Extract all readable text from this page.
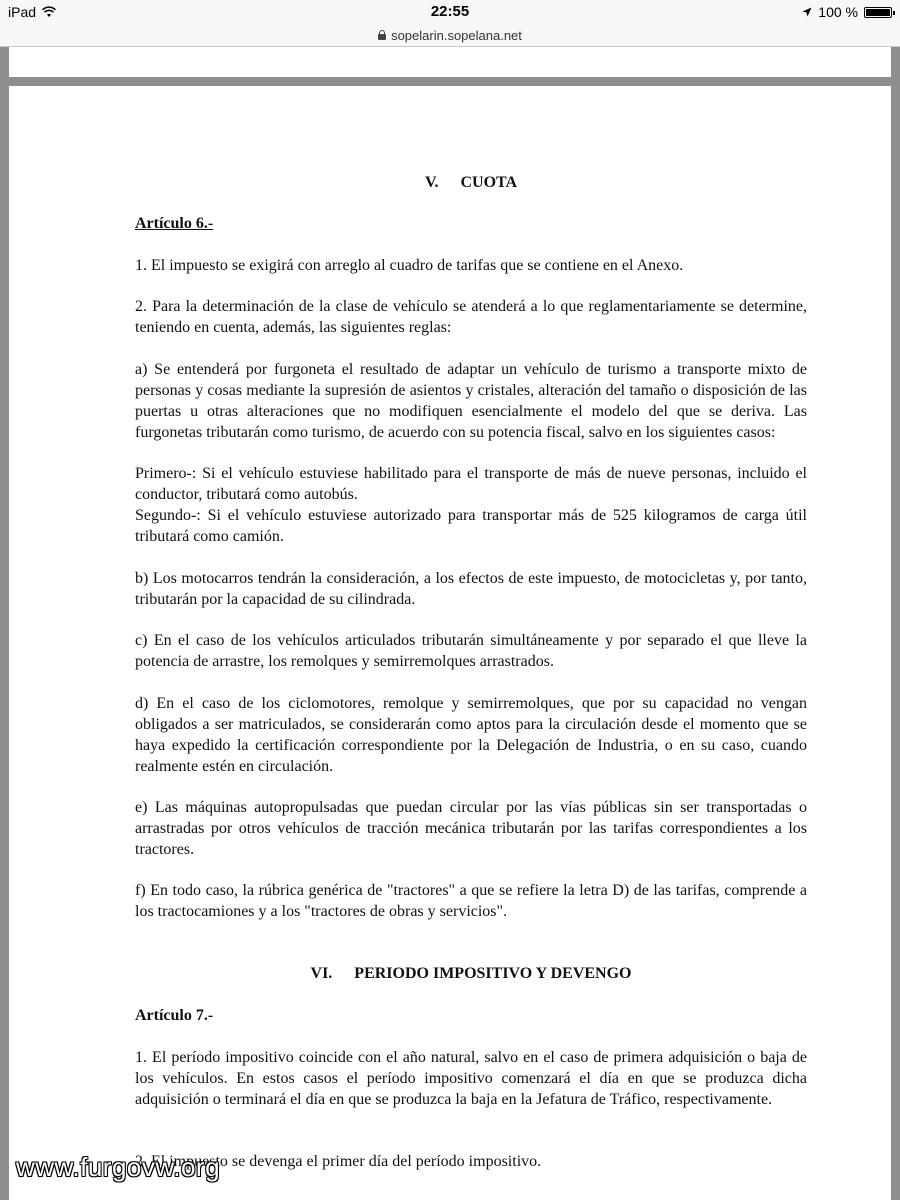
iPad	22:55	100 %
sopelarin.sopelana.net
V. CUOTA
Artículo 6.-
1. El impuesto se exigirá con arreglo al cuadro de tarifas que se contiene en el Anexo.
2. Para la determinación de la clase de vehículo se atenderá a lo que reglamentariamente se determine, teniendo en cuenta, además, las siguientes reglas:
a) Se entenderá por furgoneta el resultado de adaptar un vehículo de turismo a transporte mixto de personas y cosas mediante la supresión de asientos y cristales, alteración del tamaño o disposición de las puertas u otras alteraciones que no modifiquen esencialmente el modelo del que se deriva. Las furgonetas tributarán como turismo, de acuerdo con su potencia fiscal, salvo en los siguientes casos:
Primero-: Si el vehículo estuviese habilitado para el transporte de más de nueve personas, incluido el conductor, tributará como autobús.
Segundo-: Si el vehículo estuviese autorizado para transportar más de 525 kilogramos de carga útil tributará como camión.
b) Los motocarros tendrán la consideración, a los efectos de este impuesto, de motocicletas y, por tanto, tributarán por la capacidad de su cilindrada.
c) En el caso de los vehículos articulados tributarán simultáneamente y por separado el que lleve la potencia de arrastre, los remolques y semirremolques arrastrados.
d) En el caso de los ciclomotores, remolque y semirremolques, que por su capacidad no vengan obligados a ser matriculados, se considerarán como aptos para la circulación desde el momento que se haya expedido la certificación correspondiente por la Delegación de Industria, o en su caso, cuando realmente estén en circulación.
e) Las máquinas autopropulsadas que puedan circular por las vías públicas sin ser transportadas o arrastradas por otros vehículos de tracción mecánica tributarán por las tarifas correspondientes a los tractores.
f) En todo caso, la rúbrica genérica de "tractores" a que se refiere la letra D) de las tarifas, comprende a los tractocamiones y a los "tractores de obras y servicios".
VI. PERIODO IMPOSITIVO Y DEVENGO
Artículo 7.-
1. El período impositivo coincide con el año natural, salvo en el caso de primera adquisición o baja de los vehículos. En estos casos el período impositivo comenzará el día en que se produzca dicha adquisición o terminará el día en que se produzca la baja en la Jefatura de Tráfico, respectivamente.
2. El impuesto se devenga el primer día del período impositivo.
www.furgovw.org
